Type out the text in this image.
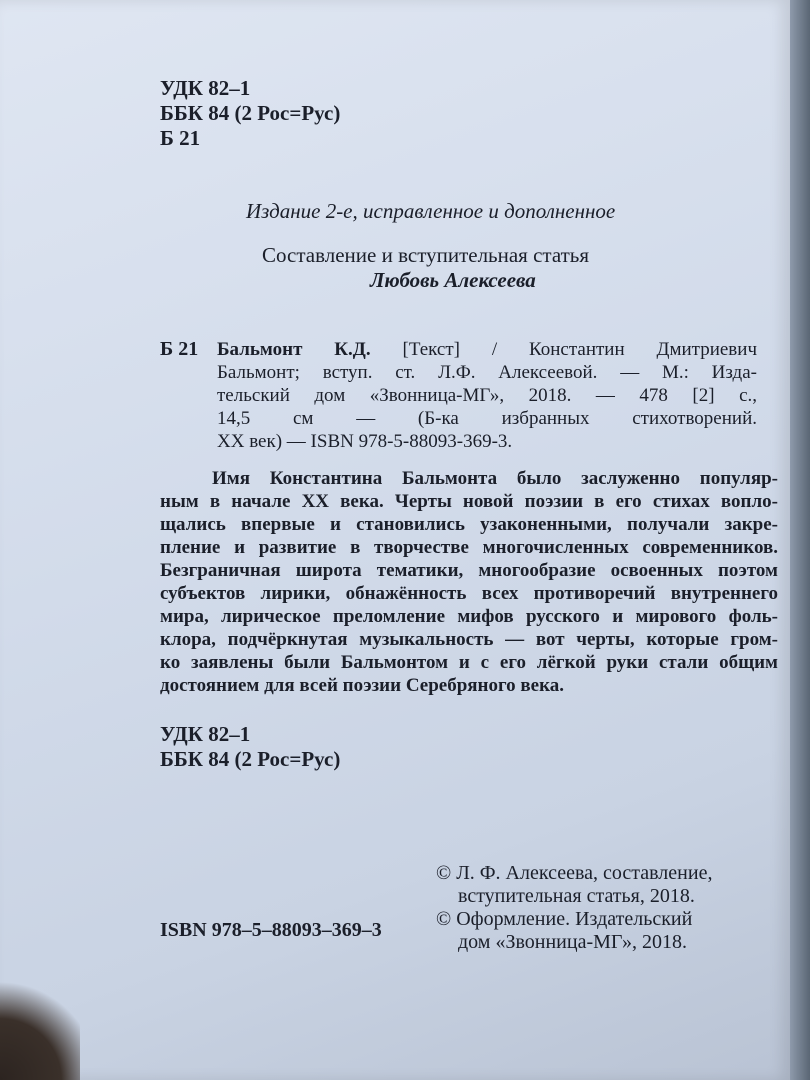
УДК 82–1
ББК 84 (2 Рос=Рус)
Б 21
Издание 2-е, исправленное и дополненное
Составление и вступительная статья
Любовь Алексеева
Б 21 Бальмонт К.Д. [Текст] / Константин Дмитриевич
Бальмонт; вступ. ст. Л.Ф. Алексеевой. — М.: Изда-
тельский дом «Звонница-МГ», 2018. — 478 [2] с.,
14,5 см — (Б-ка избранных стихотворений.
XX век) — ISBN 978-5-88093-369-3.
Имя Константина Бальмонта было заслуженно популяр-
ным в начале XX века. Черты новой поэзии в его стихах вопло-
щались впервые и становились узаконенными, получали закре-
пление и развитие в творчестве многочисленных современников.
Безграничная широта тематики, многообразие освоенных поэтом
субъектов лирики, обнажённость всех противоречий внутреннего
мира, лирическое преломление мифов русского и мирового фоль-
клора, подчёркнутая музыкальность — вот черты, которые гром-
ко заявлены были Бальмонтом и с его лёгкой руки стали общим
достоянием для всей поэзии Серебряного века.
УДК 82–1
ББК 84 (2 Рос=Рус)
© Л. Ф. Алексеева, составление,
вступительная статья, 2018.
© Оформление. Издательский
дом «Звонница-МГ», 2018.
ISBN 978–5–88093–369–3
